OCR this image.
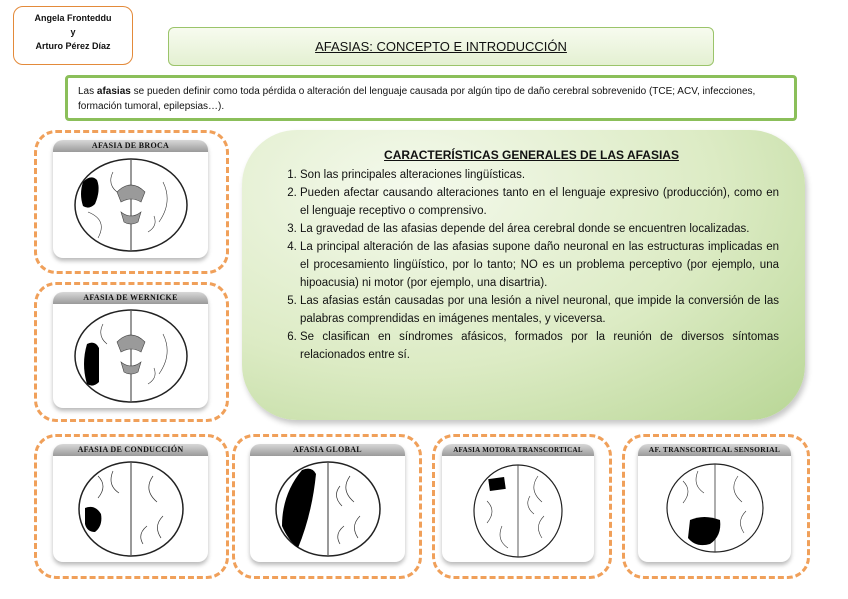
Angela Fronteddu
y
Arturo Pérez Díaz	AFASIAS: CONCEPTO E INTRODUCCIÓN
Las afasias se pueden definir como toda pérdida o alteración del lenguaje causada por algún tipo de daño cerebral sobrevenido (TCE; ACV, infecciones, formación tumoral, epilepsias…).
CARACTERÍSTICAS GENERALES DE LAS AFASIAS
1. Son las principales alteraciones lingüísticas.
2. Pueden afectar causando alteraciones tanto en el lenguaje expresivo (producción), como en el lenguaje receptivo o comprensivo.
3. La gravedad de las afasias depende del área cerebral donde se encuentren localizadas.
4. La principal alteración de las afasias supone daño neuronal en las estructuras implicadas en el procesamiento lingüístico, por lo tanto; NO es un problema perceptivo (por ejemplo, una hipoacusia) ni motor (por ejemplo, una disartria).
5. Las afasias están causadas por una lesión a nivel neuronal, que impide la conversión de las palabras comprendidas en imágenes mentales, y viceversa.
6. Se clasifican en síndromes afásicos, formados por la reunión de diversos síntomas relacionados entre sí.
AFASIA DE BROCA
AFASIA DE WERNICKE
AFASIA DE CONDUCCIÓN	AFASIA GLOBAL	AFASIA MOTORA TRANSCORTICAL	AF. TRANSCORTICAL SENSORIAL
